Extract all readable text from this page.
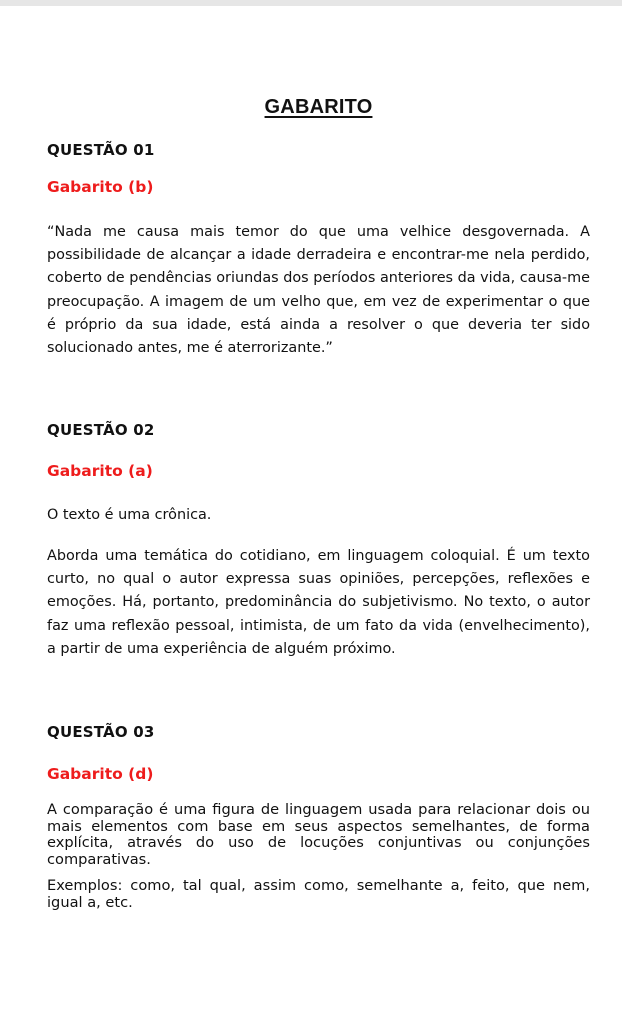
GABARITO

QUESTÃO 01

Gabarito (b)

“Nada me causa mais temor do que uma velhice desgovernada. A possibilidade de alcançar a idade derradeira e encontrar-me nela perdido, coberto de pendências oriundas dos períodos anteriores da vida, causa-me preocupação. A imagem de um velho que, em vez de experimentar o que é próprio da sua idade, está ainda a resolver o que deveria ter sido solucionado antes, me é aterrorizante.”

QUESTÃO 02

Gabarito (a)

O texto é uma crônica.

Aborda uma temática do cotidiano, em linguagem coloquial. É um texto curto, no qual o autor expressa suas opiniões, percepções, reflexões e emoções. Há, portanto, predominância do subjetivismo. No texto, o autor faz uma reflexão pessoal, intimista, de um fato da vida (envelhecimento), a partir de uma experiência de alguém próximo.

QUESTÃO 03

Gabarito (d)

A comparação é uma figura de linguagem usada para relacionar dois ou mais elementos com base em seus aspectos semelhantes, de forma explícita, através do uso de locuções conjuntivas ou conjunções comparativas.

Exemplos: como, tal qual, assim como, semelhante a, feito, que nem, igual a, etc.
